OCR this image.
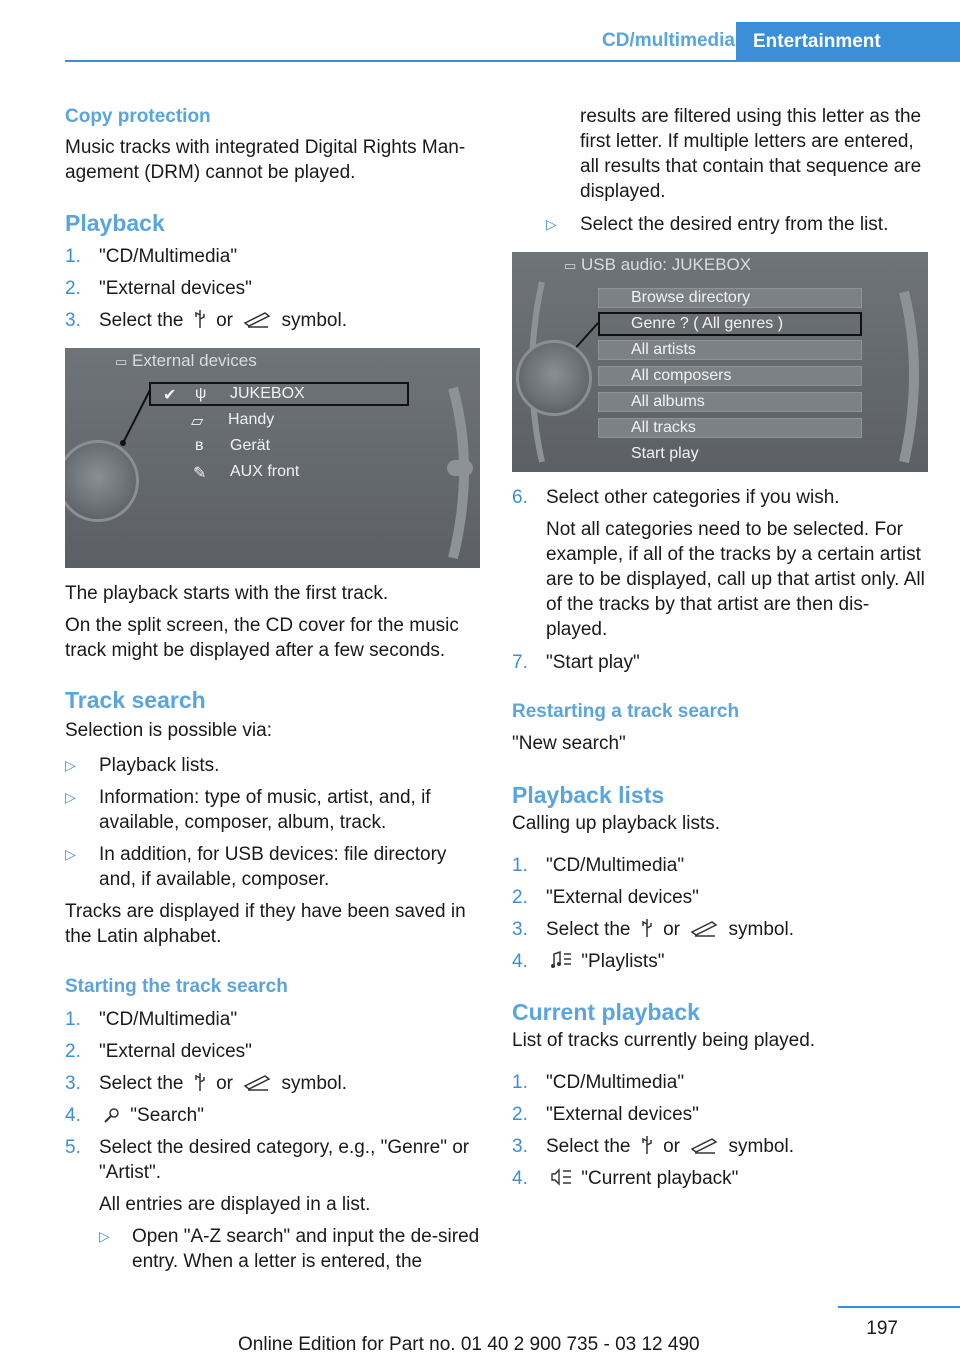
CD/multimedia Entertainment
Copy protection

Music tracks with integrated Digital Rights Man-agement (DRM) cannot be played.

Playback
1. "CD/Multimedia"
2. "External devices"
3. Select the or	symbol.
▭ External devices
✔ ψ JUKEBOX
▱ Handy
ʙ Gerät
✎ AUX front

The playback starts with the first track.

On the split screen, the CD cover for the music track might be displayed after a few seconds.

Track search

Selection is possible via:

▷ Playback lists.
▷ Information: type of music, artist, and, if available, composer, album, track.
▷ In addition, for USB devices: file directory and, if available, composer.

Tracks are displayed if they have been saved in the Latin alphabet.

Starting the track search
1. "CD/Multimedia"
2. "External devices"
3. Select the or	symbol.
4.	"Search"
5. Select the desired category, e.g., "Genre" or "Artist".

All entries are displayed in a list.

▷ Open "A-Z search" and input the de-sired entry. When a letter is entered, the

results are filtered using this letter as the first letter. If multiple letters are entered, all results that contain that sequence are displayed.

▷ Select the desired entry from the list.
▭ USB audio: JUKEBOX
Browse directory
Genre ? ( All genres )
All artists
All composers
All albums
All tracks
Start play
6. Select other categories if you wish.
Not all categories need to be selected. For example, if all of the tracks by a certain artist are to be displayed, call up that artist only. All of the tracks by that artist are then dis-played.
7. "Start play"
Restarting a track search

"New search"

Playback lists

Calling up playback lists.

1. "CD/Multimedia"
2. "External devices"
3. Select the or	symbol.
4.	"Playlists"
Current playback

List of tracks currently being played.

1. "CD/Multimedia"
2. "External devices"
3. Select the or	symbol.
4.	"Current playback"
197
Online Edition for Part no. 01 40 2 900 735 - 03 12 490
